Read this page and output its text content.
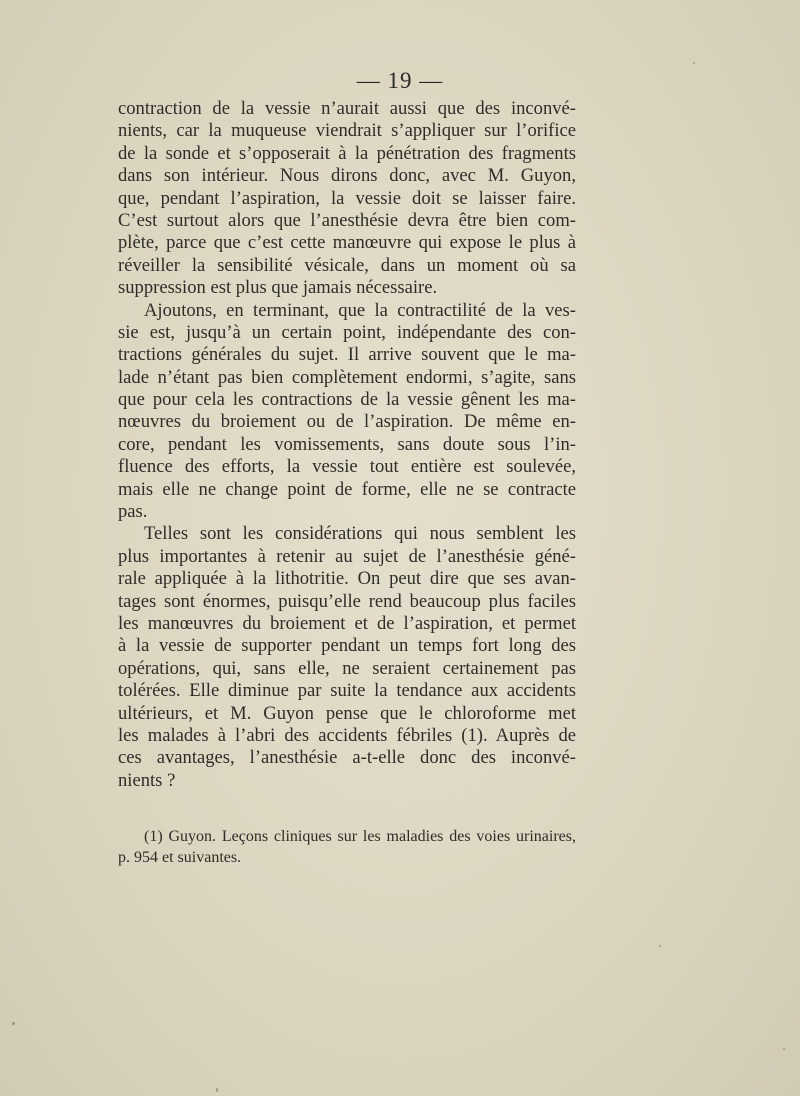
— 19 —
contraction de la vessie n’aurait aussi que des inconvé-
nients, car la muqueuse viendrait s’appliquer sur l’orifice
de la sonde et s’opposerait à la pénétration des fragments
dans son intérieur. Nous dirons donc, avec M. Guyon,
que, pendant l’aspiration, la vessie doit se laisser faire.
C’est surtout alors que l’anesthésie devra être bien com-
plète, parce que c’est cette manœuvre qui expose le plus à
réveiller la sensibilité vésicale, dans un moment où sa
suppression est plus que jamais nécessaire.
Ajoutons, en terminant, que la contractilité de la ves-
sie est, jusqu’à un certain point, indépendante des con-
tractions générales du sujet. Il arrive souvent que le ma-
lade n’étant pas bien complètement endormi, s’agite, sans
que pour cela les contractions de la vessie gênent les ma-
nœuvres du broiement ou de l’aspiration. De même en-
core, pendant les vomissements, sans doute sous l’in-
fluence des efforts, la vessie tout entière est soulevée,
mais elle ne change point de forme, elle ne se contracte
pas.
Telles sont les considérations qui nous semblent les
plus importantes à retenir au sujet de l’anesthésie géné-
rale appliquée à la lithotritie. On peut dire que ses avan-
tages sont énormes, puisqu’elle rend beaucoup plus faciles
les manœuvres du broiement et de l’aspiration, et permet
à la vessie de supporter pendant un temps fort long des
opérations, qui, sans elle, ne seraient certainement pas
tolérées. Elle diminue par suite la tendance aux accidents
ultérieurs, et M. Guyon pense que le chloroforme met
les malades à l’abri des accidents fébriles (1). Auprès de
ces avantages, l’anesthésie a-t-elle donc des inconvé-
nients ?
(1) Guyon. Leçons cliniques sur les maladies des voies urinaires,
p. 954 et suivantes.
